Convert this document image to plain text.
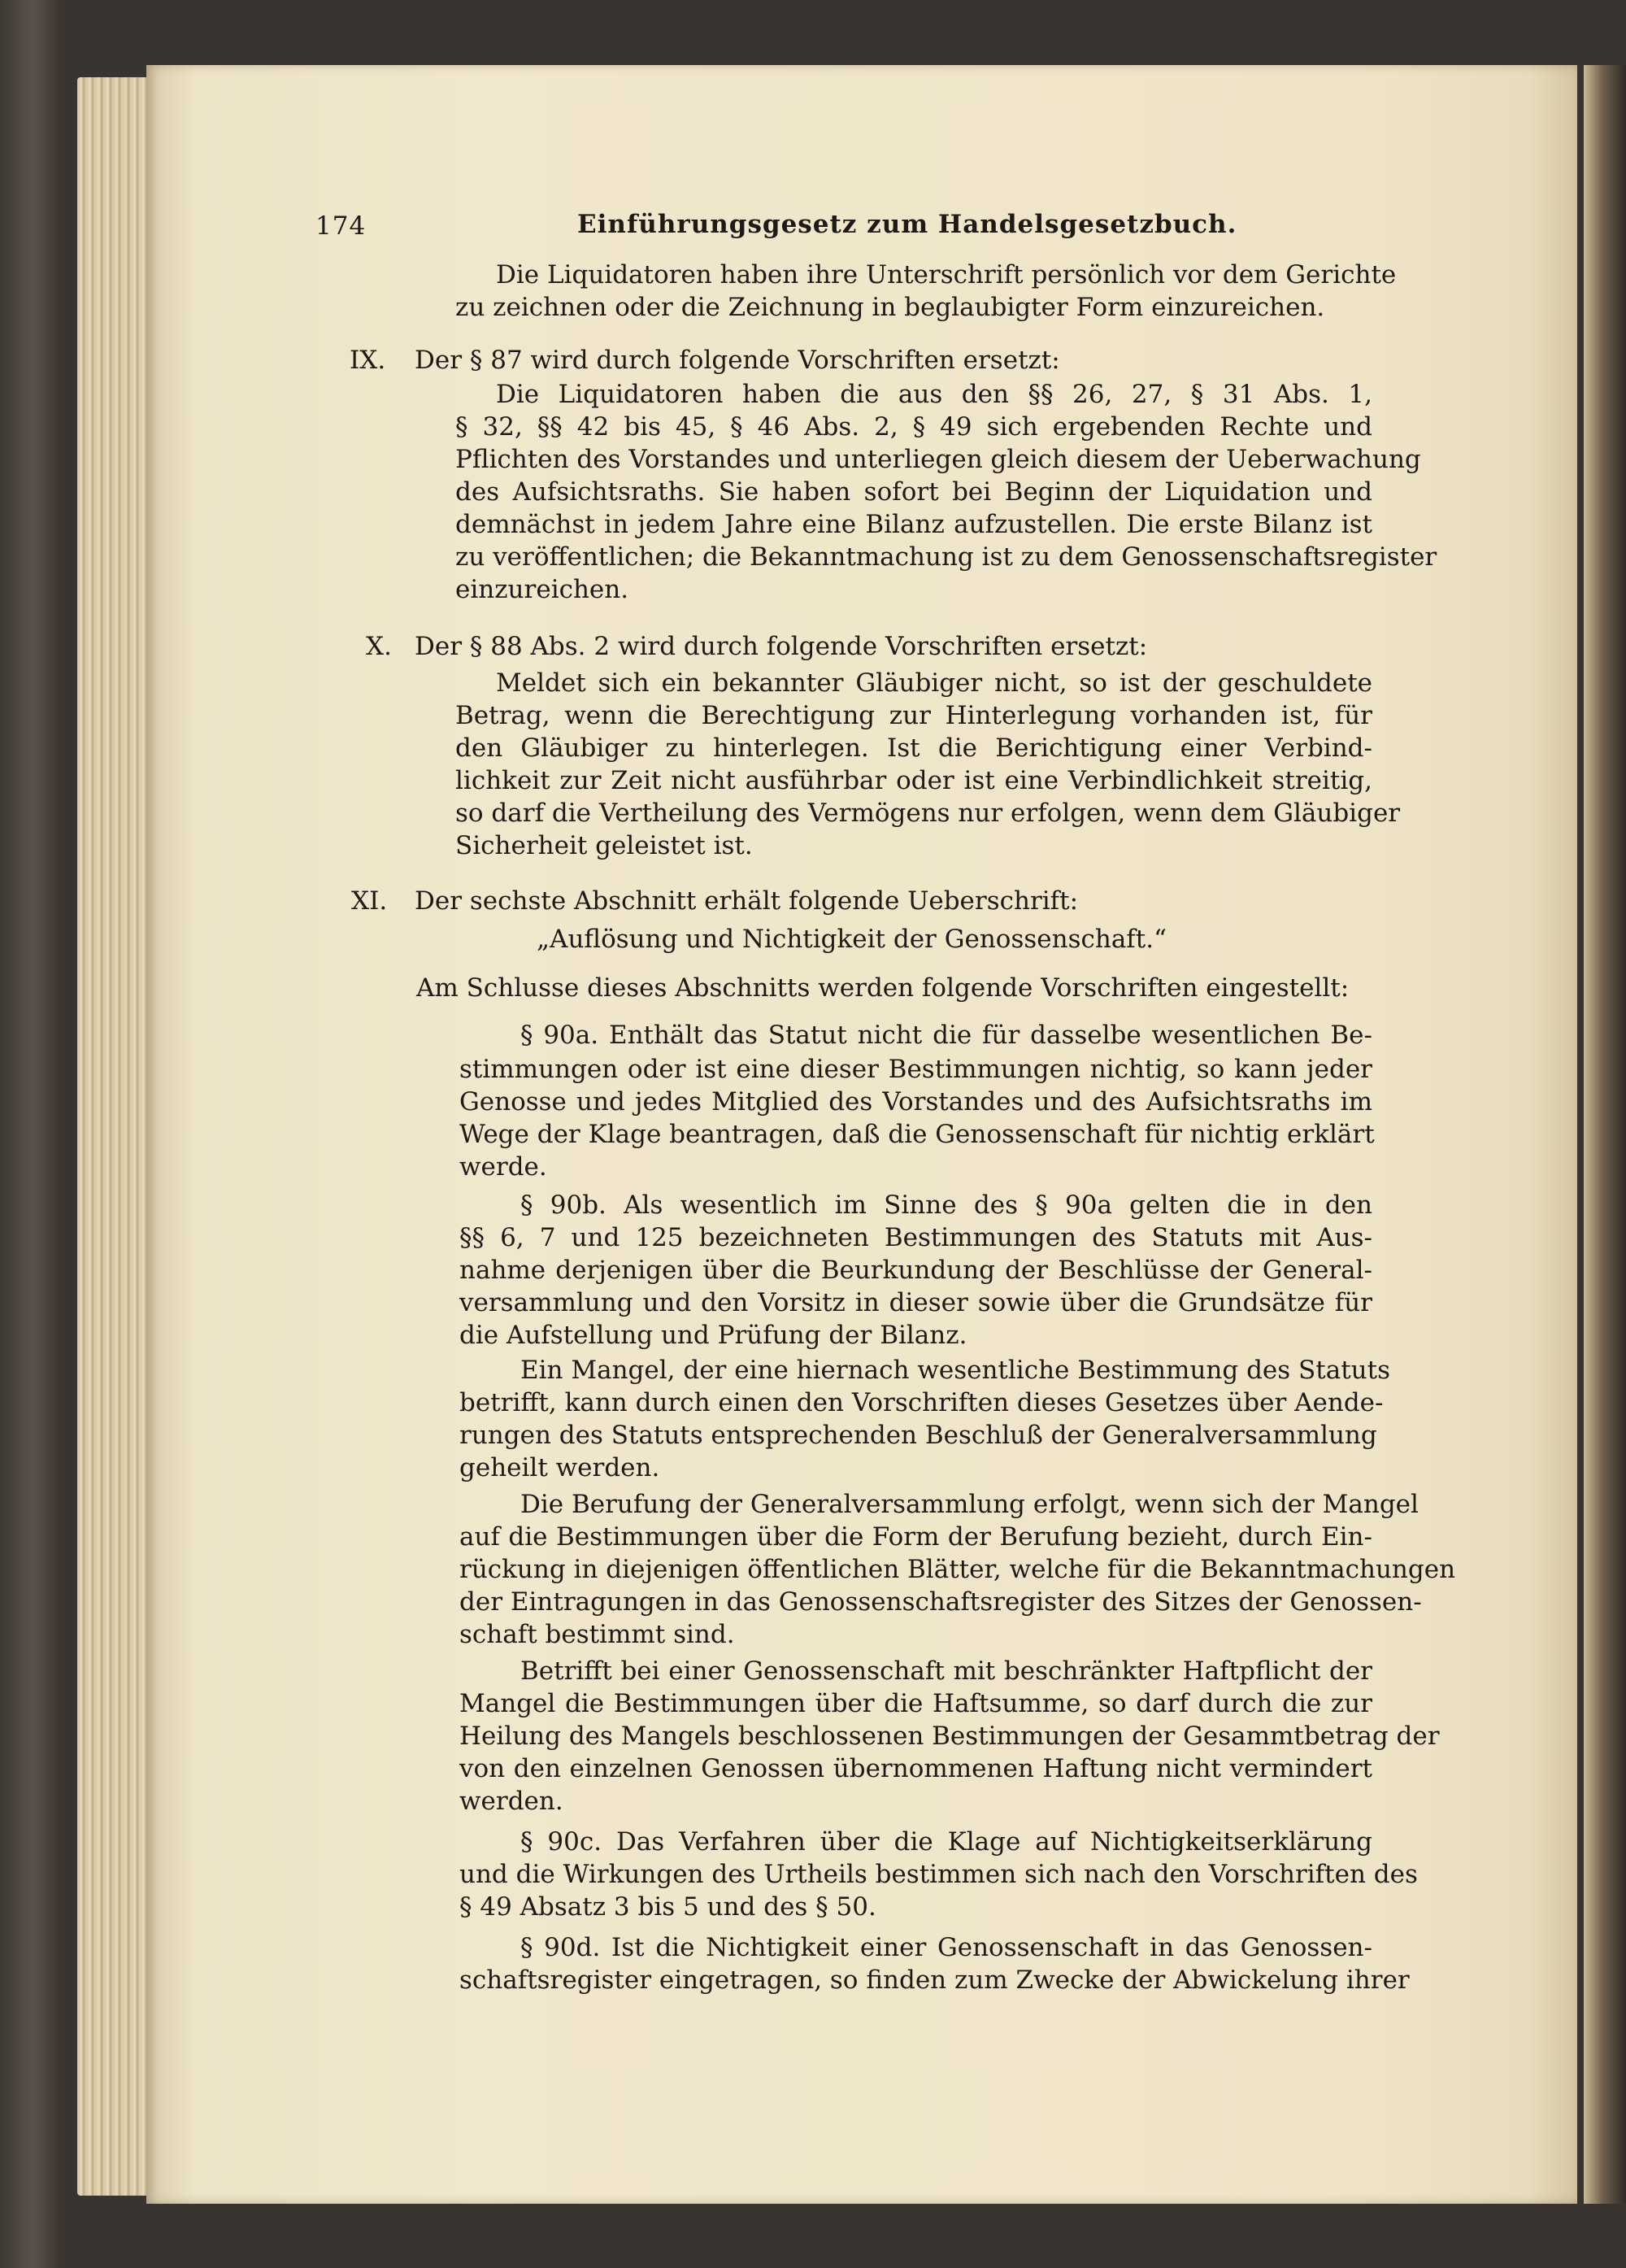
174	Einführungsgesetz zum Handelsgesetzbuch.
Die Liquidatoren haben ihre Unterschrift persönlich vor dem Gerichte
zu zeichnen oder die Zeichnung in beglaubigter Form einzureichen.
IX. Der § 87 wird durch folgende Vorschriften ersetzt:
Die Liquidatoren haben die aus den §§ 26, 27, § 31 Abs. 1,
§ 32, §§ 42 bis 45, § 46 Abs. 2, § 49 sich ergebenden Rechte und
Pflichten des Vorstandes und unterliegen gleich diesem der Ueberwachung
des Aufsichtsraths. Sie haben sofort bei Beginn der Liquidation und
demnächst in jedem Jahre eine Bilanz aufzustellen. Die erste Bilanz ist
zu veröffentlichen; die Bekanntmachung ist zu dem Genossenschaftsregister
einzureichen.
X. Der § 88 Abs. 2 wird durch folgende Vorschriften ersetzt:
Meldet sich ein bekannter Gläubiger nicht, so ist der geschuldete
Betrag, wenn die Berechtigung zur Hinterlegung vorhanden ist, für
den Gläubiger zu hinterlegen. Ist die Berichtigung einer Verbind-
lichkeit zur Zeit nicht ausführbar oder ist eine Verbindlichkeit streitig,
so darf die Vertheilung des Vermögens nur erfolgen, wenn dem Gläubiger
Sicherheit geleistet ist.
XI. Der sechste Abschnitt erhält folgende Ueberschrift:
„Auflösung und Nichtigkeit der Genossenschaft.“
Am Schlusse dieses Abschnitts werden folgende Vorschriften eingestellt:
§ 90a. Enthält das Statut nicht die für dasselbe wesentlichen Be-
stimmungen oder ist eine dieser Bestimmungen nichtig, so kann jeder
Genosse und jedes Mitglied des Vorstandes und des Aufsichtsraths im
Wege der Klage beantragen, daß die Genossenschaft für nichtig erklärt
werde.
§ 90b. Als wesentlich im Sinne des § 90a gelten die in den
§§ 6, 7 und 125 bezeichneten Bestimmungen des Statuts mit Aus-
nahme derjenigen über die Beurkundung der Beschlüsse der General-
versammlung und den Vorsitz in dieser sowie über die Grundsätze für
die Aufstellung und Prüfung der Bilanz.
Ein Mangel, der eine hiernach wesentliche Bestimmung des Statuts
betrifft, kann durch einen den Vorschriften dieses Gesetzes über Aende-
rungen des Statuts entsprechenden Beschluß der Generalversammlung
geheilt werden.
Die Berufung der Generalversammlung erfolgt, wenn sich der Mangel
auf die Bestimmungen über die Form der Berufung bezieht, durch Ein-
rückung in diejenigen öffentlichen Blätter, welche für die Bekanntmachungen
der Eintragungen in das Genossenschaftsregister des Sitzes der Genossen-
schaft bestimmt sind.
Betrifft bei einer Genossenschaft mit beschränkter Haftpflicht der
Mangel die Bestimmungen über die Haftsumme, so darf durch die zur
Heilung des Mangels beschlossenen Bestimmungen der Gesammtbetrag der
von den einzelnen Genossen übernommenen Haftung nicht vermindert
werden.
§ 90c. Das Verfahren über die Klage auf Nichtigkeitserklärung
und die Wirkungen des Urtheils bestimmen sich nach den Vorschriften des
§ 49 Absatz 3 bis 5 und des § 50.
§ 90d. Ist die Nichtigkeit einer Genossenschaft in das Genossen-
schaftsregister eingetragen, so finden zum Zwecke der Abwickelung ihrer
